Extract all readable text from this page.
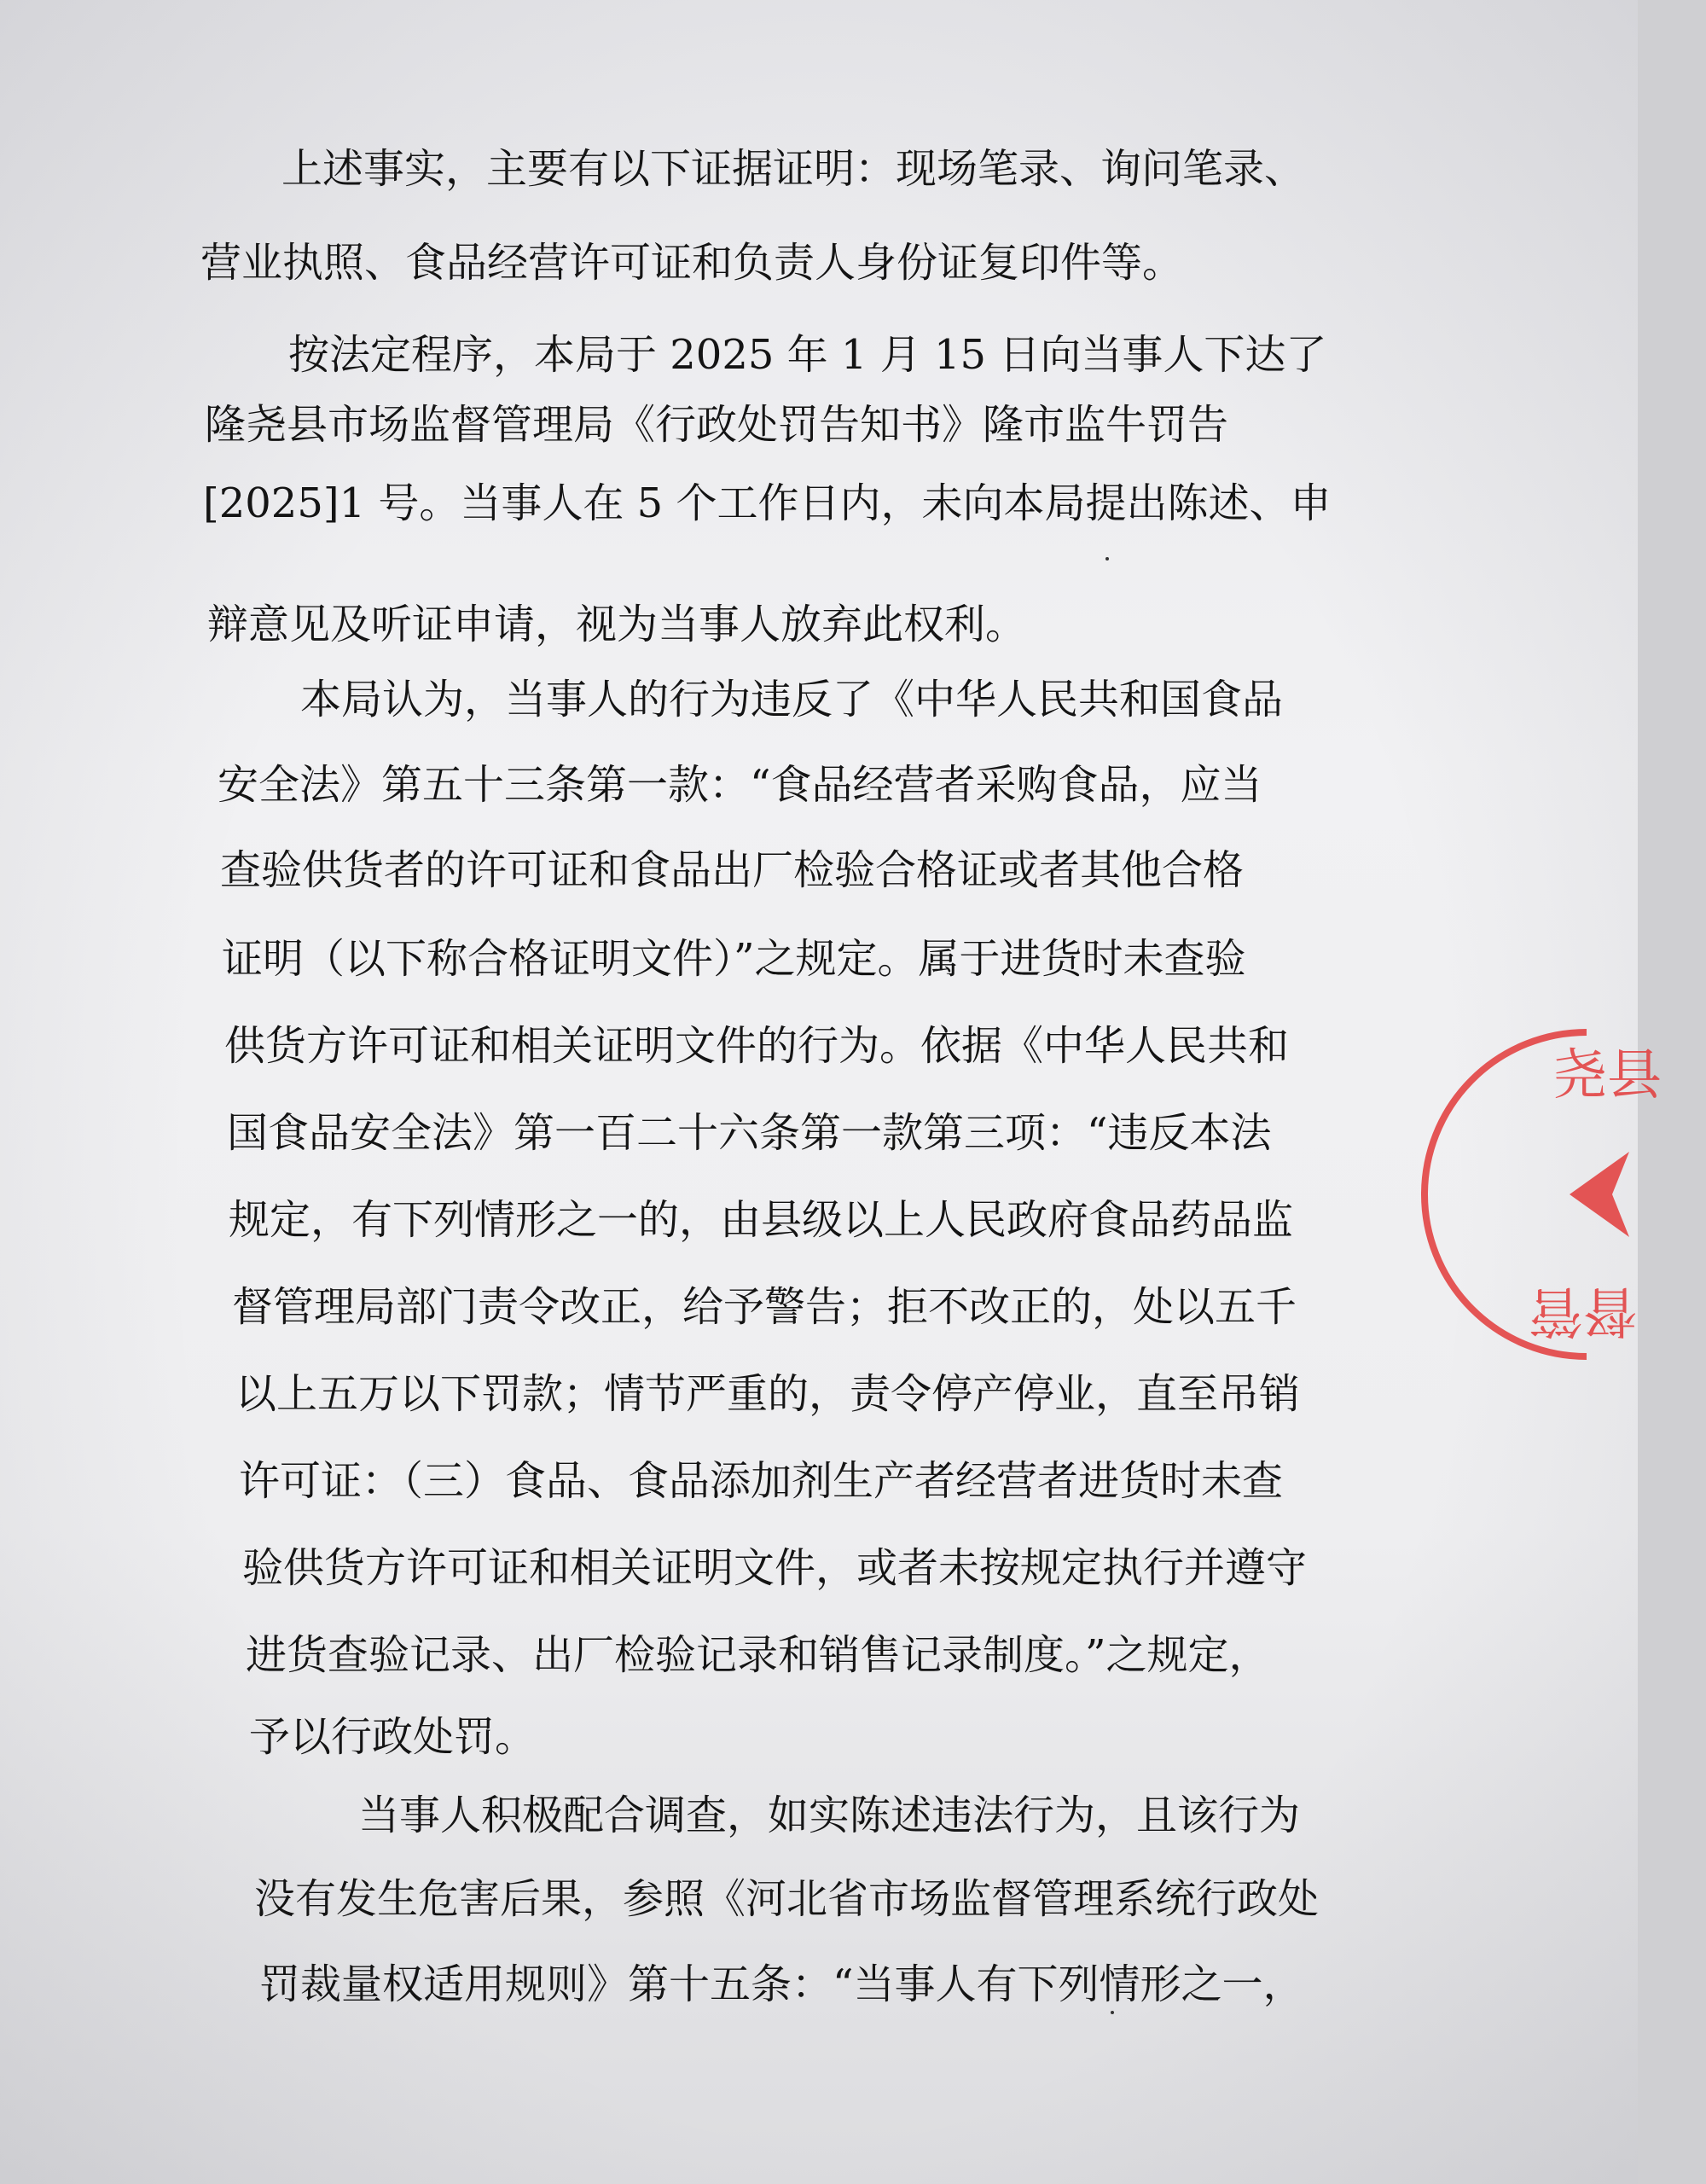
上述事实，主要有以下证据证明：现场笔录、询问笔录、
营业执照、食品经营许可证和负责人身份证复印件等。
按法定程序，本局于 2025 年 1 月 15 日向当事人下达了
隆尧县市场监督管理局《行政处罚告知书》隆市监牛罚告
[2025]1 号。当事人在 5 个工作日内，未向本局提出陈述、申
辩意见及听证申请，视为当事人放弃此权利。
本局认为，当事人的行为违反了《中华人民共和国食品
安全法》第五十三条第一款：“食品经营者采购食品，应当
查验供货者的许可证和食品出厂检验合格证或者其他合格
证明（以下称合格证明文件）”之规定。属于进货时未查验
供货方许可证和相关证明文件的行为。依据《中华人民共和
国食品安全法》第一百二十六条第一款第三项：“违反本法
规定，有下列情形之一的，由县级以上人民政府食品药品监
督管理局部门责令改正，给予警告；拒不改正的，处以五千
以上五万以下罚款；情节严重的，责令停产停业，直至吊销
许可证：（三）食品、食品添加剂生产者经营者进货时未查
验供货方许可证和相关证明文件，或者未按规定执行并遵守
进货查验记录、出厂检验记录和销售记录制度。”之规定，
予以行政处罚。
当事人积极配合调查，如实陈述违法行为，且该行为
没有发生危害后果，参照《河北省市场监督管理系统行政处
罚裁量权适用规则》第十五条：“当事人有下列情形之一，
尧县
督管
